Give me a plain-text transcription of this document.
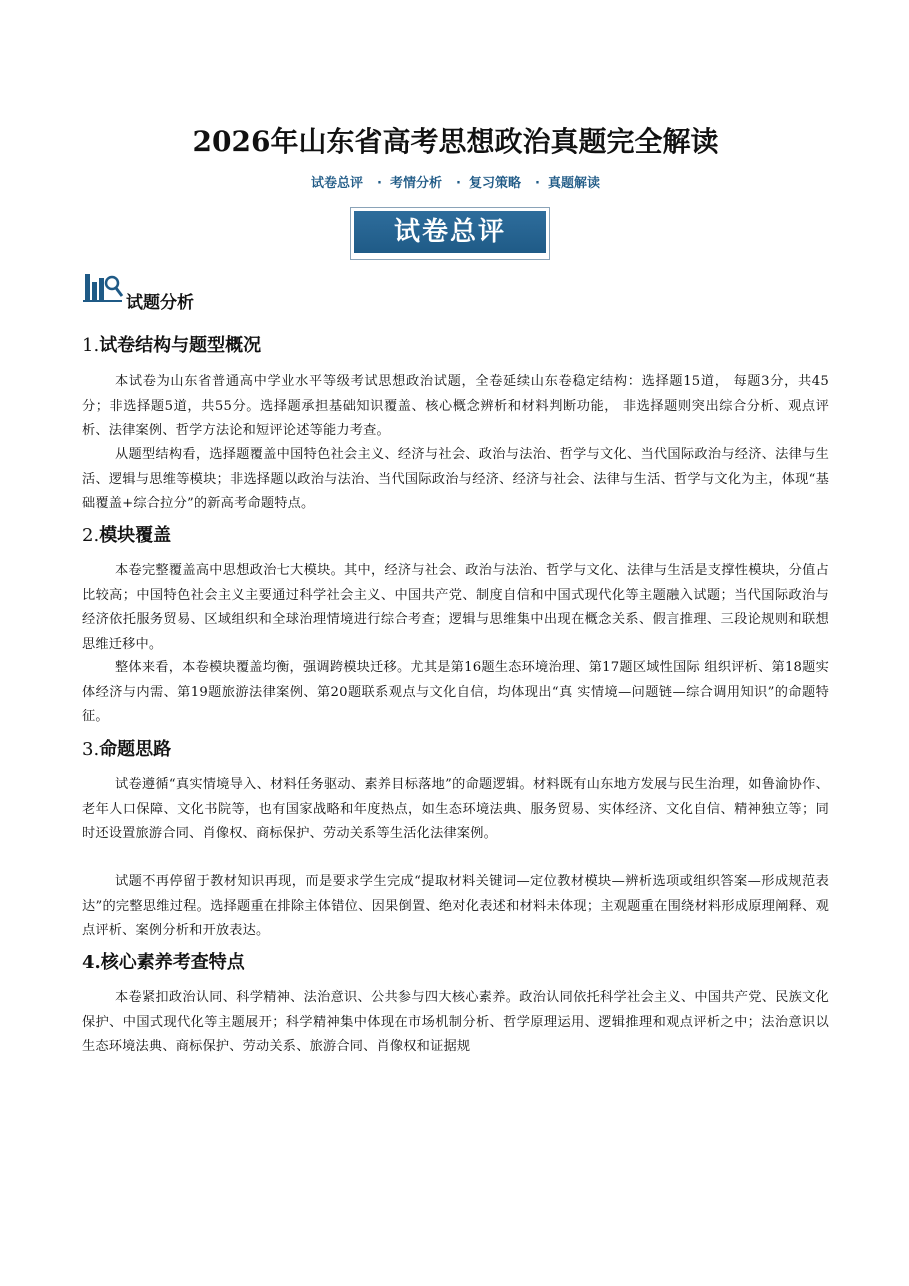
2026年山东省高考思想政治真题完全解读
试卷总评 · 考情分析 · 复习策略 · 真题解读
试卷总评
试题分析
1.试卷结构与题型概况
本试卷为山东省普通高中学业水平等级考试思想政治试题，全卷延续山东卷稳定结构：选择题15道， 每题3分，共45分；非选择题5道，共55分。选择题承担基础知识覆盖、核心概念辨析和材料判断功能， 非选择题则突出综合分析、观点评析、法律案例、哲学方法论和短评论述等能力考查。
从题型结构看，选择题覆盖中国特色社会主义、经济与社会、政治与法治、哲学与文化、当代国际政治与经济、法律与生活、逻辑与思维等模块；非选择题以政治与法治、当代国际政治与经济、经济与社会、法律与生活、哲学与文化为主，体现“基础覆盖+综合拉分”的新高考命题特点。
2.模块覆盖
本卷完整覆盖高中思想政治七大模块。其中，经济与社会、政治与法治、哲学与文化、法律与生活是支撑性模块，分值占比较高；中国特色社会主义主要通过科学社会主义、中国共产党、制度自信和中国式现代化等主题融入试题；当代国际政治与经济依托服务贸易、区域组织和全球治理情境进行综合考查；逻辑与思维集中出现在概念关系、假言推理、三段论规则和联想思维迁移中。
整体来看，本卷模块覆盖均衡，强调跨模块迁移。尤其是第16题生态环境治理、第17题区域性国际 组织评析、第18题实体经济与内需、第19题旅游法律案例、第20题联系观点与文化自信，均体现出“真 实情境—问题链—综合调用知识”的命题特征。
3.命题思路
试卷遵循“真实情境导入、材料任务驱动、素养目标落地”的命题逻辑。材料既有山东地方发展与民生治理，如鲁渝协作、老年人口保障、文化书院等，也有国家战略和年度热点，如生态环境法典、服务贸易、实体经济、文化自信、精神独立等；同时还设置旅游合同、肖像权、商标保护、劳动关系等生活化法律案例。
试题不再停留于教材知识再现，而是要求学生完成“提取材料关键词—定位教材模块—辨析选项或组织答案—形成规范表达”的完整思维过程。选择题重在排除主体错位、因果倒置、绝对化表述和材料未体现；主观题重在围绕材料形成原理阐释、观点评析、案例分析和开放表达。
4.核心素养考查特点
本卷紧扣政治认同、科学精神、法治意识、公共参与四大核心素养。政治认同依托科学社会主义、中国共产党、民族文化保护、中国式现代化等主题展开；科学精神集中体现在市场机制分析、哲学原理运用、逻辑推理和观点评析之中；法治意识以生态环境法典、商标保护、劳动关系、旅游合同、肖像权和证据规
